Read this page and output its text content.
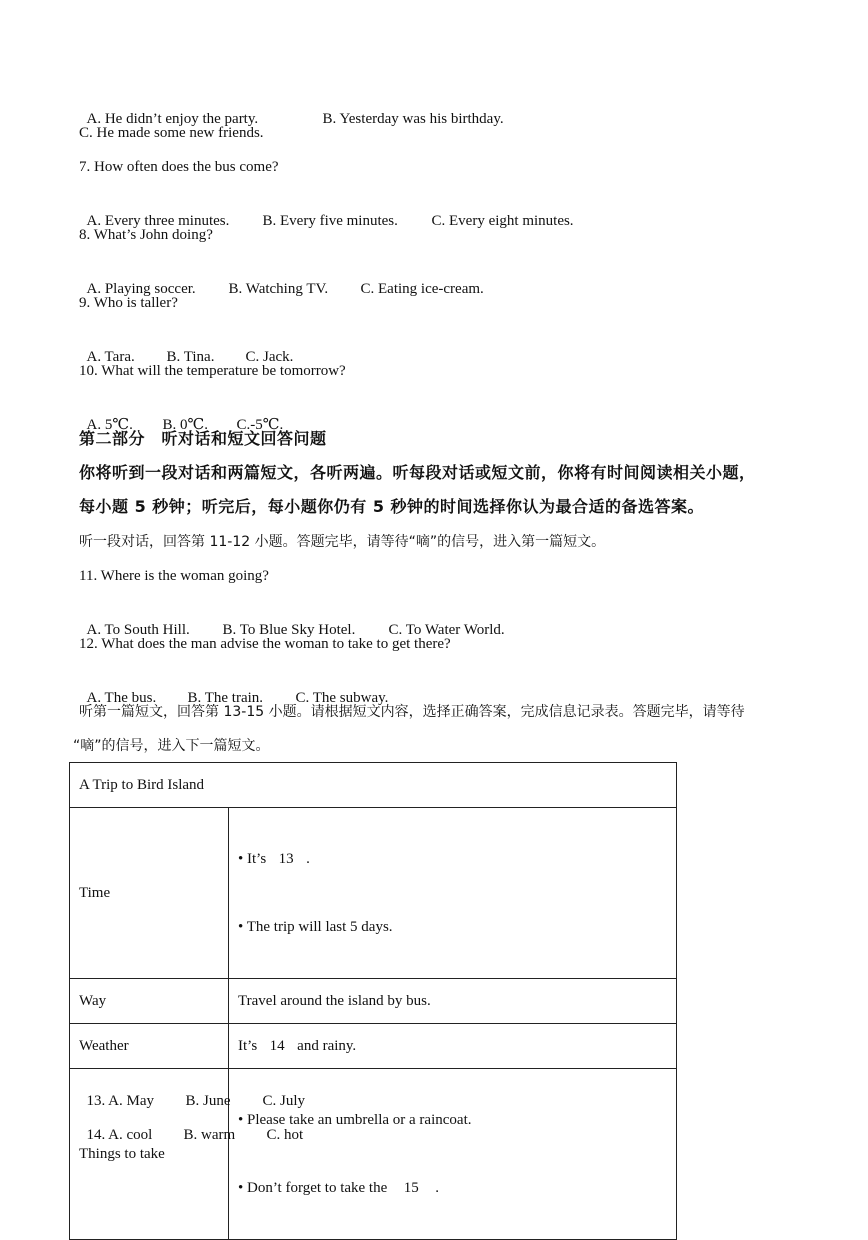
A. He didn’t enjoy the party.	B. Yesterday was his birthday.

C. He made some new friends.
7. How often does the bus come?

A. Every three minutes. B. Every five minutes. C. Every eight minutes.

8. What’s John doing?

A. Playing soccer. B. Watching TV. C. Eating ice-cream.

9. Who is taller?

A. Tara. B. Tina. C. Jack.

10. What will the temperature be tomorrow?

A. 5℃. B. 0℃. C.-5℃.

第二部分　听对话和短文回答问题
你将听到一段对话和两篇短文，各听两遍。听每段对话或短文前，你将有时间阅读相关小题，
每小题 5 秒钟；听完后，每小题你仍有 5 秒钟的时间选择你认为最合适的备选答案。
听一段对话，回答第 11-12 小题。答题完毕，请等待“嘀”的信号，进入第一篇短文。
11. Where is the woman going?

A. To South Hill. B. To Blue Sky Hotel. C. To Water World.

12. What does the man advise the woman to take to get there?

A. The bus. B. The train. C. The subway.

听第一篇短文，回答第 13-15 小题。请根据短文内容，选择正确答案，完成信息记录表。答题完毕，请等待
“嘀”的信号，进入下一篇短文。
A Trip to Bird Island	
Time	• It’s 13 .

• The trip will last 5 days.

Way	Travel around the island by bus.
Weather	It’s 14 and rainy.
Things to take	• Please take an umbrella or a raincoat.

• Don’t forget to take the 15 .

13. A. May B. June C. July

14. A. cool B. warm C. hot
